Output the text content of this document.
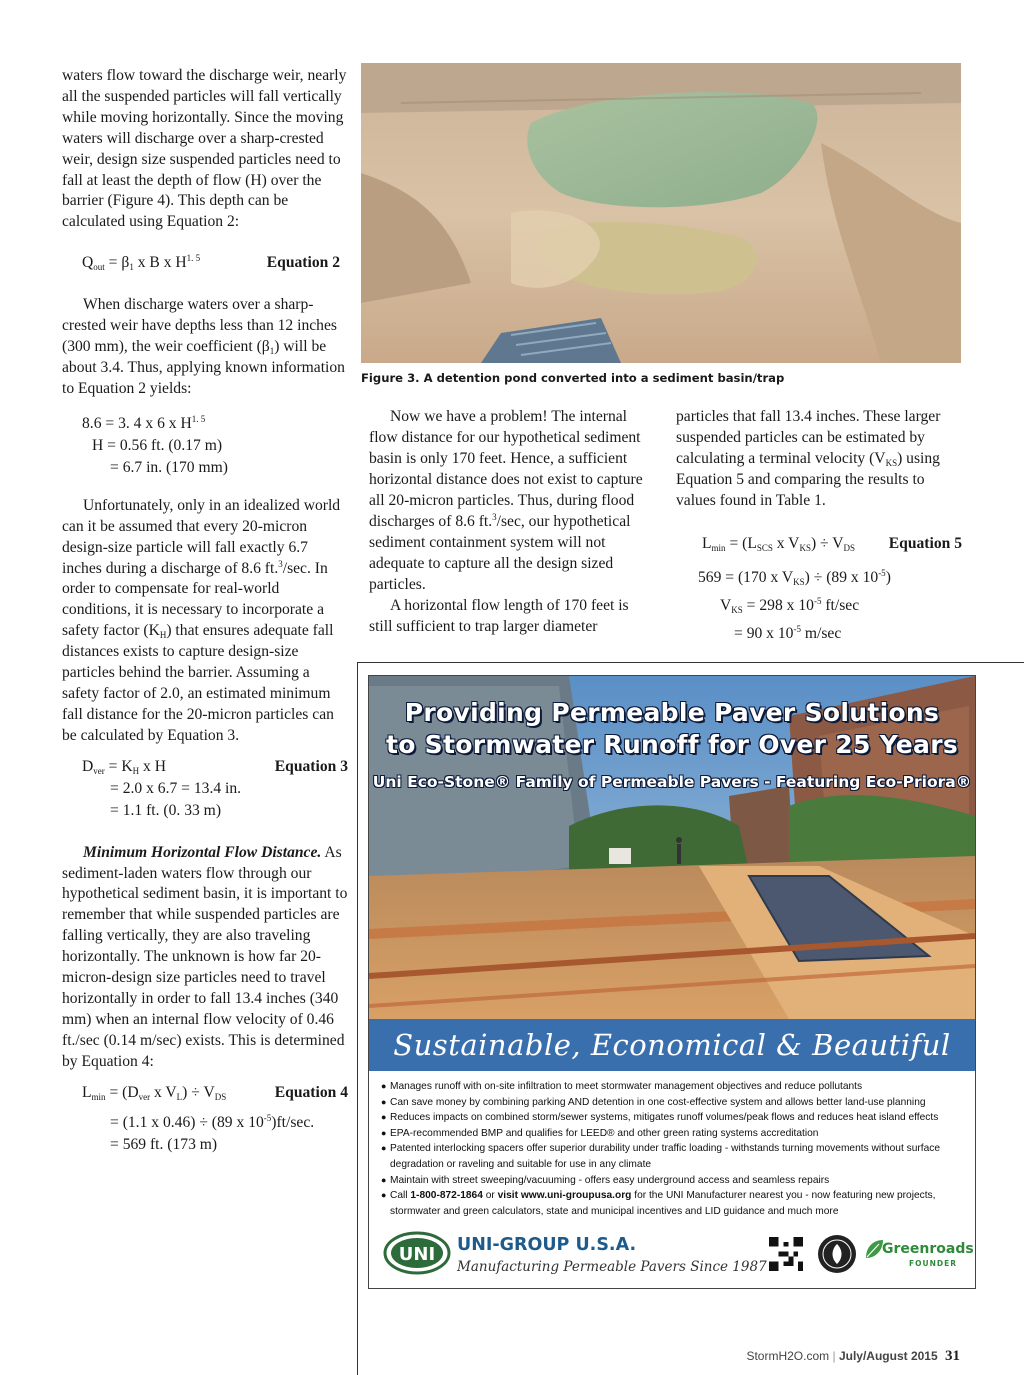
waters flow toward the discharge weir, nearly all the suspended particles will fall vertically while moving horizontally. Since the moving waters will discharge over a sharp-crested weir, design size suspended particles need to fall at least the depth of flow (H) over the barrier (Figure 4). This depth can be calculated using Equation 2:

$Q_{out} = \beta_1$ x B x $H^{1. 5}$	Equation 2

When discharge waters over a sharp-crested weir have depths less than 12 inches (300 mm), the weir coefficient $(\beta_1)$ will be about 3.4. Thus, applying known information to Equation 2 yields:

8.6 = 3. 4 x 6 x $H^{1. 5}$
H = 0.56 ft. (0.17 m)
= 6.7 in. (170 mm)

Unfortunately, only in an idealized world can it be assumed that every 20-micron design-size particle will fall exactly 6.7 inches during a discharge of 8.6 ft.$^3$/sec. In order to compensate for real-world conditions, it is necessary to incorporate a safety factor $(K_H)$ that ensures adequate fall distances exists to capture design-size particles behind the barrier. Assuming a safety factor of 2.0, an estimated minimum fall distance for the 20-micron particles can be calculated by Equation 3.

$D_{ver} = K_H$ x H	Equation 3
= 2.0 x 6.7 = 13.4 in.
= 1.1 ft. (0. 33 m)

Minimum Horizontal Flow Distance. As sediment-laden waters flow through our hypothetical sediment basin, it is important to remember that while suspended particles are falling vertically, they are also traveling horizontally. The unknown is how far 20-micron-design size particles need to travel horizontally in order to fall 13.4 inches (340 mm) when an internal flow velocity of 0.46 ft./sec (0.14 m/sec) exists. This is determined by Equation 4:

$L_{min} = (D_{ver}$ x $V_L) \div V_{DS}$	Equation 4
= (1.1 x 0.46) ÷ (89 x $10^{-5})ft/\sec$.
= 569 ft. (173 m)
Figure 3. A detention pond converted into a sediment basin/trap

Now we have a problem! The internal flow distance for our hypothetical sediment basin is only 170 feet. Hence, a sufficient horizontal distance does not exist to capture all 20-micron particles. Thus, during flood discharges of 8.6 ft.$^3$/sec, our hypothetical sediment containment system will not adequate to capture all the design sized particles.

A horizontal flow length of 170 feet is still sufficient to trap larger diameter

particles that fall 13.4 inches. These larger suspended particles can be estimated by calculating a terminal velocity $(V_{KS})$ using Equation 5 and comparing the results to values found in Table 1.

$L_{min} = (L_{SCS}$ x $V_{KS}) \div V_{DS}$ Equation 5
569 = (170 x $V_{KS}) \div (89$ x $10^{-5}$)
$V_{KS} = 298$ x $10^{-5}$ ft/sec
= 90 x $10^{-5}$ m/sec
Providing Permeable Paver Solutions
to Stormwater Runoff for Over 25 Years
Uni Eco-Stone® Family of Permeable Pavers - Featuring Eco-Priora®
Sustainable, Economical & Beautiful
● Manages runoff with on-site infiltration to meet stormwater management objectives and reduce pollutants
● Can save money by combining parking AND detention in one cost-effective system and allows better land-use planning
● Reduces impacts on combined storm/sewer systems, mitigates runoff volumes/peak flows and reduces heat island effects
● EPA-recommended BMP and qualifies for LEED® and other green rating systems accreditation
● Patented interlocking spacers offer superior durability under traffic loading - withstands turning movements without surface degradation or raveling and suitable for use in any climate
● Maintain with street sweeping/vacuuming - offers easy underground access and seamless repairs
● Call 1-800-872-1864 or visit www.uni-groupusa.org for the UNI Manufacturer nearest you - now featuring new projects, stormwater and green calculators, state and municipal incentives and LID guidance and much more
UNI UNI-GROUP U.S.A.
Manufacturing Permeable Pavers Since 1987
Greenroads
FOUNDER
StormH2O.com | July/August 2015 31
